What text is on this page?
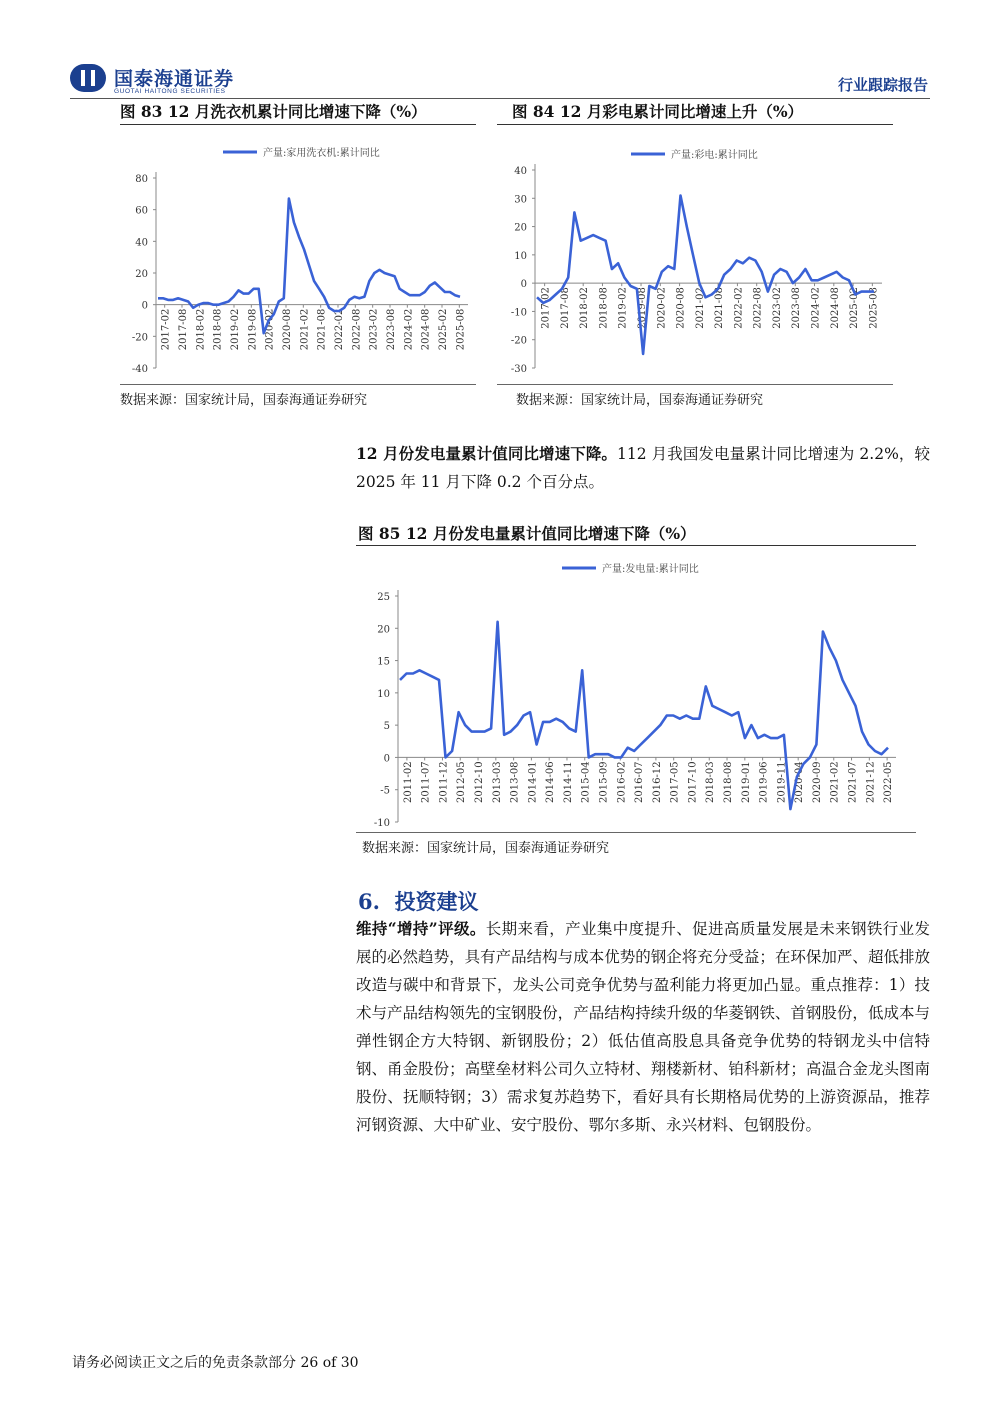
国泰海通证券
GUOTAI HAITONG SECURITIES	行业跟踪报告
图 83 12 月洗衣机累计同比增速下降（%）
产量:家用洗衣机:累计同比
-40
-20
0
20
40
60
80
2017-02 2017-08 2018-02 2018-08 2019-02 2019-08 2020-02 2020-08 2021-02 2021-08 2022-02 2022-08 2023-02 2023-08 2024-02 2024-08 2025-02 2025-08
数据来源：国家统计局，国泰海通证券研究
图 84 12 月彩电累计同比增速上升（%）
产量:彩电:累计同比
-30
-20
-10
0
10
20
30
40
2017-02 2017-08 2018-02 2018-08 2019-02 2019-08 2020-02 2020-08 2021-02 2021-08 2022-02 2022-08 2023-02 2023-08 2024-02 2024-08 2025-02 2025-08
数据来源：国家统计局，国泰海通证券研究
12 月份发电量累计值同比增速下降。112 月我国发电量累计同比增速为 2.2%，较 2025 年 11 月下降 0.2 个百分点。
图 85 12 月份发电量累计值同比增速下降（%）
产量:发电量:累计同比
-10
-5
0
5
10
15
20
25
2011-02 2011-07 2011-12 2012-05 2012-10 2013-03 2013-08 2014-01 2014-06 2014-11 2015-04 2015-09 2016-02 2016-07 2016-12 2017-05 2017-10 2018-03 2018-08 2019-01 2019-06 2019-11 2020-04 2020-09 2021-02 2021-07 2021-12 2022-05
数据来源：国家统计局，国泰海通证券研究
6. 投资建议
维持“增持”评级。长期来看，产业集中度提升、促进高质量发展是未来钢铁行业发展的必然趋势，具有产品结构与成本优势的钢企将充分受益；在环保加严、超低排放改造与碳中和背景下，龙头公司竞争优势与盈利能力将更加凸显。重点推荐：1）技术与产品结构领先的宝钢股份，产品结构持续升级的华菱钢铁、首钢股份，低成本与弹性钢企方大特钢、新钢股份；2）低估值高股息具备竞争优势的特钢龙头中信特钢、甬金股份；高壁垒材料公司久立特材、翔楼新材、铂科新材；高温合金龙头图南股份、抚顺特钢；3）需求复苏趋势下，看好具有长期格局优势的上游资源品，推荐河钢资源、大中矿业、安宁股份、鄂尔多斯、永兴材料、包钢股份。
请务必阅读正文之后的免责条款部分 26 of 30
